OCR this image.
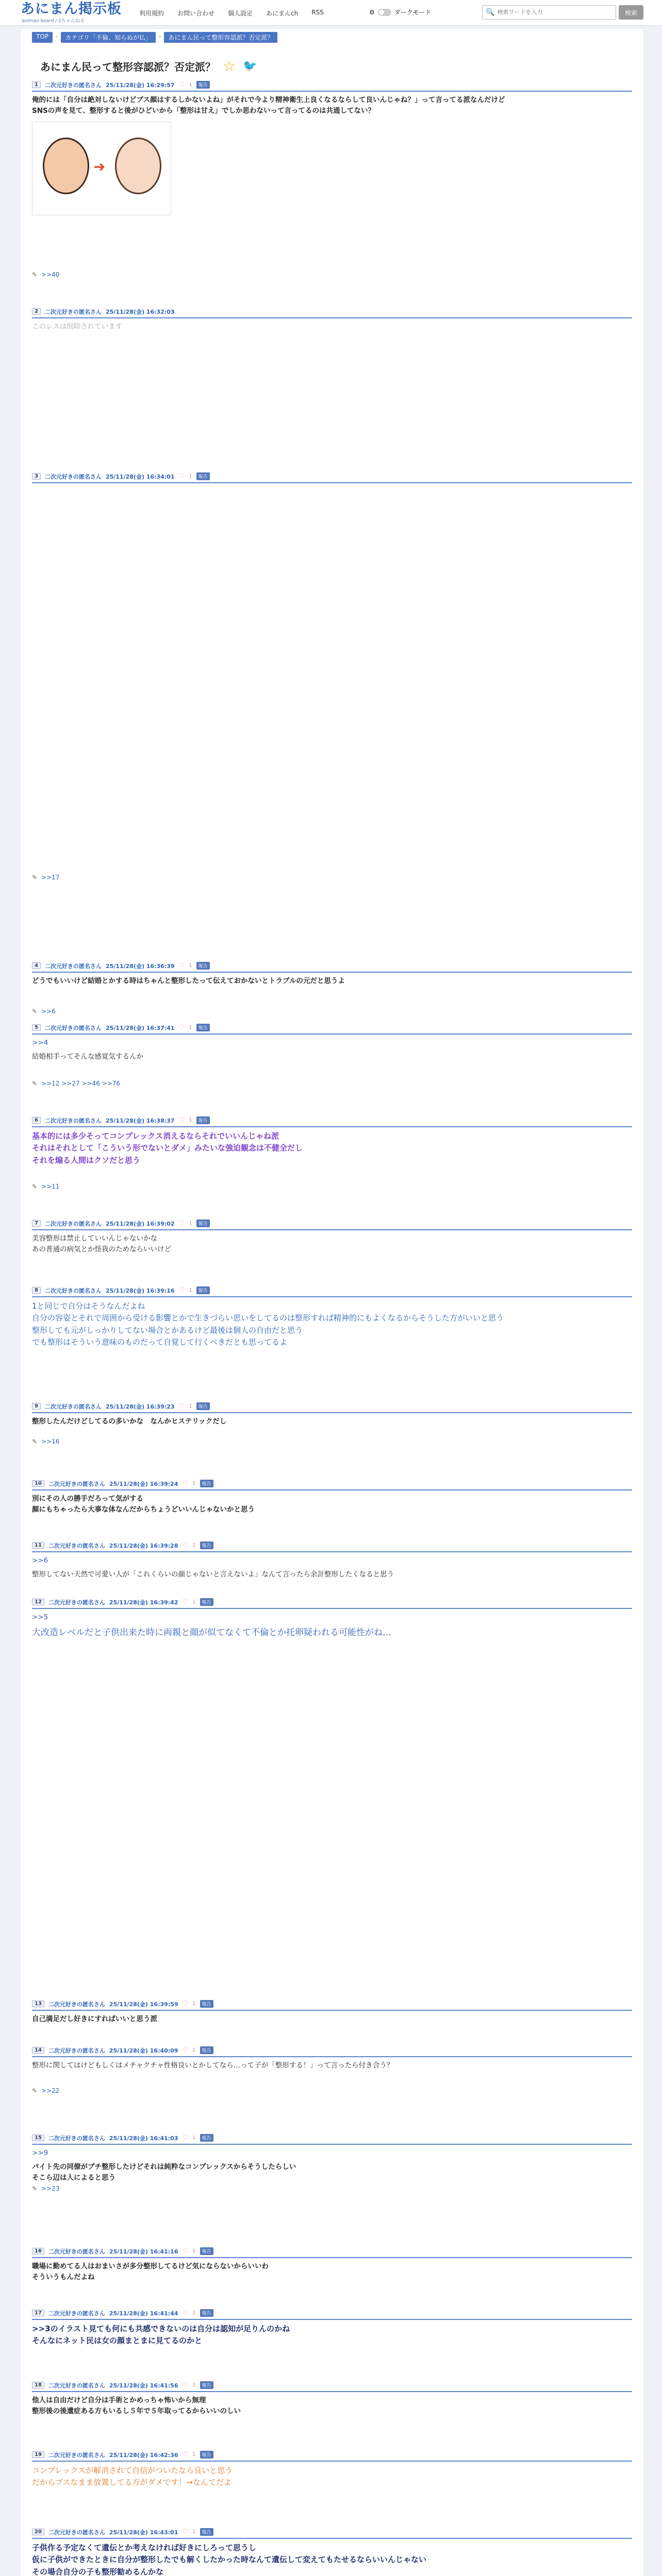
あにまん掲示板
animan board / 2ちゃんねる
利用規約 お問い合わせ 個人設定 あにまんch RSS	⚙	ダークモード	🔍
検索ワードを入力	検索
TOP	›	カテゴリ「不倫、知らぬが仏」	›	あにまん民って整形容認派？否定派？
あにまん民って整形容認派？否定派？ ☆ 🐦
1	二次元好きの匿名さん 25/11/28(金) 16:29:57 ♡ 1	報告
俺的には「自分は絶対しないけどブス顔はするしかないよね」がそれで今より精神衛生上良くなるならして良いんじゃね？」って言ってる派なんだけど
SNSの声を見て、整形すると後がひどいから「整形は甘え」でしか思わないって言ってるのは共通してない？
➜
✎ >>40
2	二次元好きの匿名さん 25/11/28(金) 16:32:03
このレスは削除されています
3	二次元好きの匿名さん 25/11/28(金) 16:34:01 ♡ 1	報告
✎ >>17
4	二次元好きの匿名さん 25/11/28(金) 16:36:39 ♡ 1	報告
どうでもいいけど結婚とかする時はちゃんと整形したって伝えておかないとトラブルの元だと思うよ
✎ >>6
5	二次元好きの匿名さん 25/11/28(金) 16:37:41 ♡ 1	報告
>>4
結婚相手ってそんな感覚気するんか
✎ >>12 >>27 >>46 >>76
6	二次元好きの匿名さん 25/11/28(金) 16:38:37 ♡ 1	報告
基本的には多少そってコンプレックス消えるならそれでいいんじゃね派
それはそれとして「こういう形でないとダメ」みたいな強迫観念は不健全だし
それを煽る人間はクソだと思う
✎ >>11
7	二次元好きの匿名さん 25/11/28(金) 16:39:02 ♡ 1	報告
美容整形は禁止していいんじゃないかな
あの普通の病気とか怪我のためならいいけど
8	二次元好きの匿名さん 25/11/28(金) 16:39:16 ♡ 1	報告
1と同じで自分はそうなんだよね
自分の容姿とそれで周囲から受ける影響とかで生きづらい思いをしてるのは整形すれば精神的にもよくなるからそうした方がいいと思う
整形しても元がしっかりしてない場合とかあるけど最後は個人の自由だと思う
でも整形はそういう意味のものだって自覚して行くべきだとも思ってるよ
9	二次元好きの匿名さん 25/11/28(金) 16:39:23 ♡ 1	報告
整形したんだけどしてるの多いかな　なんかヒステリックだし
✎ >>16
10	二次元好きの匿名さん 25/11/28(金) 16:39:24 ♡ 1	報告
別にその人の勝手だろって気がする
顔にもちゃったら大事な体なんだからちょうどいいんじゃないかと思う
11	二次元好きの匿名さん 25/11/28(金) 16:39:28 ♡ 1	報告
>>6
整形してない天然で可愛い人が「これくらいの顔じゃないと言えないよ」なんて言ったら余計整形したくなると思う
12	二次元好きの匿名さん 25/11/28(金) 16:39:42 ♡ 1	報告
>>5
大改造レベルだと子供出来た時に両親と顔が似てなくて不倫とか托卵疑われる可能性がね…
13	二次元好きの匿名さん 25/11/28(金) 16:39:59 ♡ 1	報告
自己満足だし好きにすればいいと思う派
14	二次元好きの匿名さん 25/11/28(金) 16:40:09 ♡ 1	報告
整形に関してはけどもしくはメチャクチャ性格良いとかしてなら…って子が「整形する！」って言ったら付き合う？
✎ >>22
15	二次元好きの匿名さん 25/11/28(金) 16:41:03 ♡ 1	報告
>>9
パイト先の同僚がプチ整形したけどそれは純粋なコンプレックスからそうしたらしい
そこら辺は人によると思う
✎ >>23
16	二次元好きの匿名さん 25/11/28(金) 16:41:16 ♡ 1	報告
職場に勤めてる人はおまいさが多分整形してるけど気にならないからいいわ
そういうもんだよね
17	二次元好きの匿名さん 25/11/28(金) 16:41:44 ♡ 1	報告
>>3のイラスト見ても何にも共感できないのは自分は認知が足りんのかね
そんなにネット民は女の顔まとまに見てるのかと
18	二次元好きの匿名さん 25/11/28(金) 16:41:56 ♡ 1	報告
他人は自由だけど自分は手術とかめっちゃ怖いから無理
整形後の後遺症ある方もいるし５年で５年取ってるからいいのしい
19	二次元好きの匿名さん 25/11/28(金) 16:42:36 ♡ 1	報告
コンプレックスが解消されて自信がついたなら良いと思う
だからブスなまま放置してる方がダメです！→なんてだよ
20	二次元好きの匿名さん 25/11/28(金) 16:43:01 ♡ 1	報告
子供作る予定なくて遺伝とか考えなければ好きにしろって思うし
仮に子供ができたときに自分が整形したでも解くしたかった時なんて遺伝して変えてもたせるならいいんじゃない
その場合自分の子も整形勧めるんかな
